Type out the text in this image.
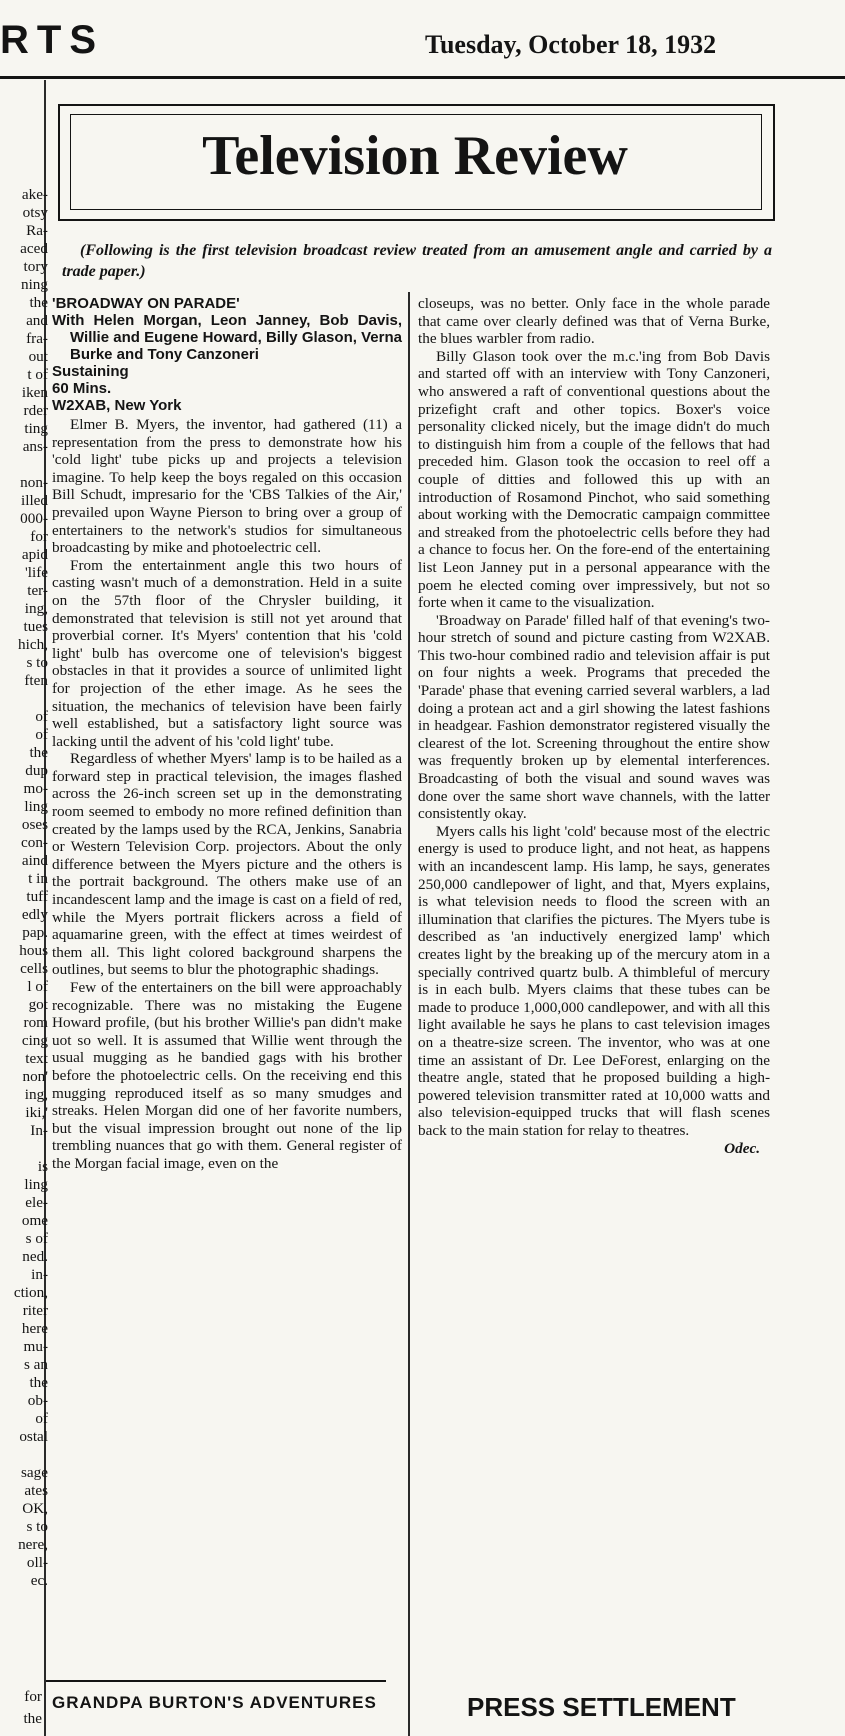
RTS	Tuesday, October 18, 1932
Television Review
(Following is the first television broadcast review treated from an amusement angle and carried by a trade paper.)
'BROADWAY ON PARADE'
With Helen Morgan, Leon Janney, Bob Davis, Willie and Eugene Howard, Billy Glason, Verna Burke and Tony Canzoneri
Sustaining
60 Mins.
W2XAB, New York

Elmer B. Myers, the inventor, had gathered (11) a representation from the press to demonstrate how his 'cold light' tube picks up and projects a television imagine. To help keep the boys regaled on this occasion Bill Schudt, impresario for the 'CBS Talkies of the Air,' prevailed upon Wayne Pierson to bring over a group of entertainers to the network's studios for simultaneous broadcasting by mike and photoelectric cell.

From the entertainment angle this two hours of casting wasn't much of a demonstration. Held in a suite on the 57th floor of the Chrysler building, it demonstrated that television is still not yet around that proverbial corner. It's Myers' contention that his 'cold light' bulb has overcome one of television's biggest obstacles in that it provides a source of unlimited light for projection of the ether image. As he sees the situation, the mechanics of television have been fairly well established, but a satisfactory light source was lacking until the advent of his 'cold light' tube.

Regardless of whether Myers' lamp is to be hailed as a forward step in practical television, the images flashed across the 26-inch screen set up in the demonstrating room seemed to embody no more refined definition than created by the lamps used by the RCA, Jenkins, Sanabria or Western Television Corp. projectors. About the only difference between the Myers picture and the others is the portrait background. The others make use of an incandescent lamp and the image is cast on a field of red, while the Myers portrait flickers across a field of aquamarine green, with the effect at times weirdest of them all. This light colored background sharpens the outlines, but seems to blur the photographic shadings.

Few of the entertainers on the bill were approachably recognizable. There was no mistaking the Eugene Howard profile, (but his brother Willie's pan didn't make uot so well. It is assumed that Willie went through the usual mugging as he bandied gags with his brother before the photoelectric cells. On the receiving end this mugging reproduced itself as so many smudges and streaks. Helen Morgan did one of her favorite numbers, but the visual impression brought out none of the lip trembling nuances that go with them. General register of the Morgan facial image, even on the

closeups, was no better. Only face in the whole parade that came over clearly defined was that of Verna Burke, the blues warbler from radio.

Billy Glason took over the m.c.'ing from Bob Davis and started off with an interview with Tony Canzoneri, who answered a raft of conventional questions about the prizefight craft and other topics. Boxer's voice personality clicked nicely, but the image didn't do much to distinguish him from a couple of the fellows that had preceded him. Glason took the occasion to reel off a couple of ditties and followed this up with an introduction of Rosamond Pinchot, who said something about working with the Democratic campaign committee and streaked from the photoelectric cells before they had a chance to focus her. On the fore-end of the entertaining list Leon Janney put in a personal appearance with the poem he elected coming over impressively, but not so forte when it came to the visualization.

'Broadway on Parade' filled half of that evening's two-hour stretch of sound and picture casting from W2XAB. This two-hour combined radio and television affair is put on four nights a week. Programs that preceded the 'Parade' phase that evening carried several warblers, a lad doing a protean act and a girl showing the latest fashions in headgear. Fashion demonstrator registered visually the clearest of the lot. Screening throughout the entire show was frequently broken up by elemental interferences. Broadcasting of both the visual and sound waves was done over the same short wave channels, with the latter consistently okay.

Myers calls his light 'cold' because most of the electric energy is used to produce light, and not heat, as happens with an incandescent lamp. His lamp, he says, generates 250,000 candlepower of light, and that, Myers explains, is what television needs to flood the screen with an illumination that clarifies the pictures. The Myers tube is described as 'an inductively energized lamp' which creates light by the breaking up of the mercury atom in a specially contrived quartz bulb. A thimbleful of mercury is in each bulb. Myers claims that these tubes can be made to produce 1,000,000 candlepower, and with all this light available he says he plans to cast television images on a theatre-size screen. The inventor, who was at one time an assistant of Dr. Lee DeForest, enlarging on the theatre angle, stated that he proposed building a high-powered television transmitter rated at 10,000 watts and also television-equipped trucks that will flash scenes back to the main station for relay to theatres.

Odec.
ake-
otsy
Ra-
aced
tory
ning
the
and
fra-
out
t of
iken
rder
ting
ans-
non-
illed
000-
for
apid
'life
ter-
ing,
tues
hich,
s to
ften
of
of
the
dup
mo-
ling
oses
con-
aind
t in
tuff
edly
pap.
hous
cells
l of
got
rom
cing
text
non'
ing,
iki,'
In-
is
ling
ele-
ome
s of
ned.
in-
ction,
riter
here
mu-
s an
the
ob-
of
ostal
sage
ates
OK,
s to
nere,
oll-
ec.
for
the
GRANDPA BURTON'S ADVENTURES	PRESS SETTLEMENT
